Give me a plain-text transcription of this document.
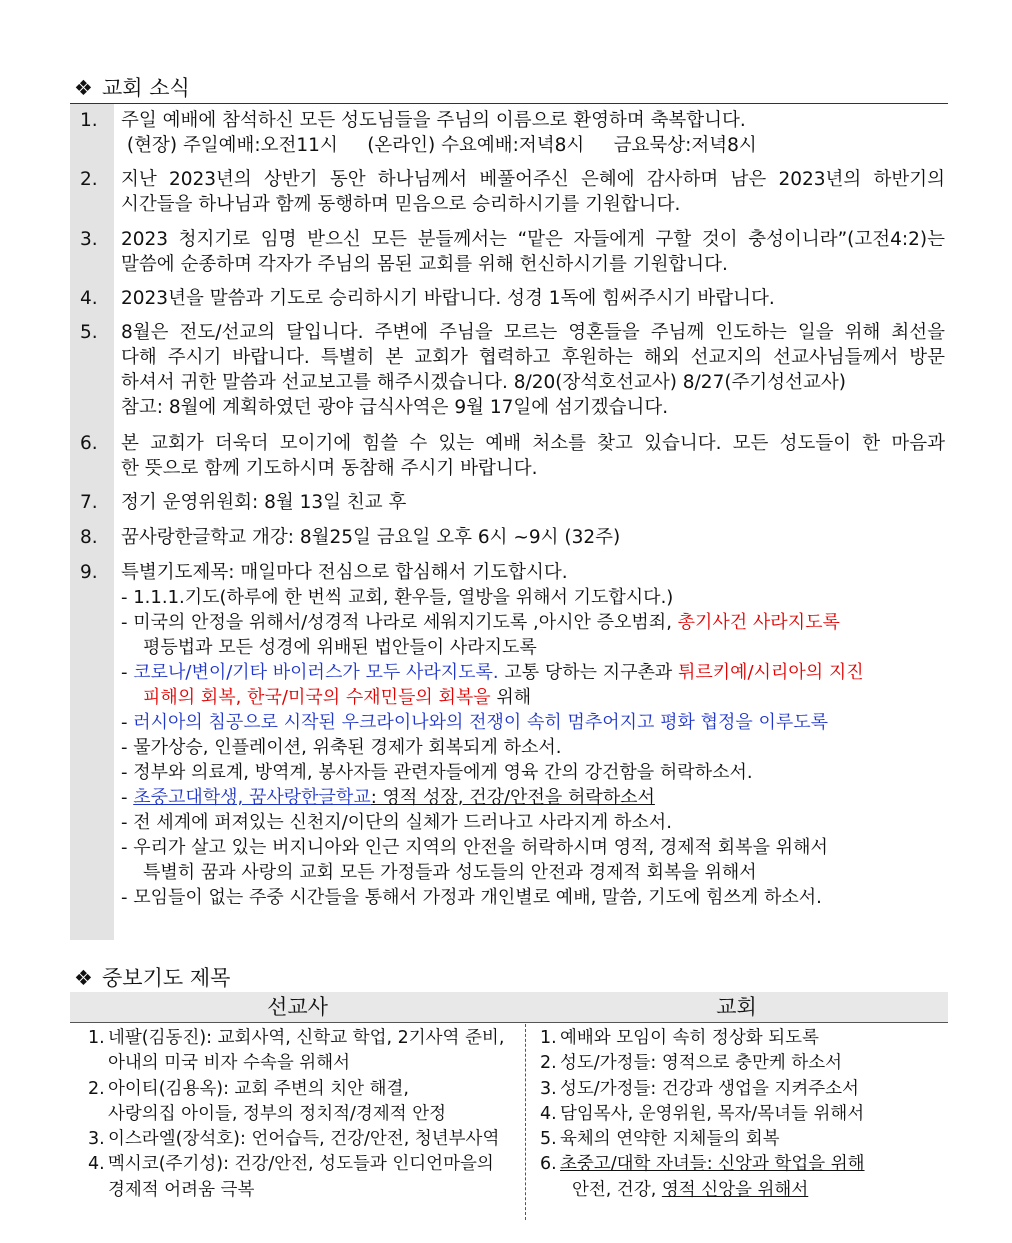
❖ 교회 소식
1.	주일 예배에 참석하신 모든 성도님들을 주님의 이름으로 환영하며 축복합니다.
(현장) 주일예배:오전11시     (온라인) 수요예배:저녁8시     금요묵상:저녁8시
2.	지난 2023년의 상반기 동안 하나님께서 베풀어주신 은혜에 감사하며 남은 2023년의 하반기의
시간들을 하나님과 함께 동행하며 믿음으로 승리하시기를 기원합니다.
3.	2023 청지기로 임명 받으신 모든 분들께서는 “맡은 자들에게 구할 것이 충성이니라”(고전4:2)는
말씀에 순종하며 각자가 주님의 몸된 교회를 위해 헌신하시기를 기원합니다.
4.	2023년을 말씀과 기도로 승리하시기 바랍니다. 성경 1독에 힘써주시기 바랍니다.
5.	8월은 전도/선교의 달입니다. 주변에 주님을 모르는 영혼들을 주님께 인도하는 일을 위해 최선을
다해 주시기 바랍니다. 특별히 본 교회가 협력하고 후원하는 해외 선교지의 선교사님들께서 방문
하셔서 귀한 말씀과 선교보고를 해주시겠습니다. 8/20(장석호선교사) 8/27(주기성선교사)
참고: 8월에 계획하였던 광야 급식사역은 9월 17일에 섬기겠습니다.
6.	본 교회가 더욱더 모이기에 힘쓸 수 있는 예배 처소를 찾고 있습니다. 모든 성도들이 한 마음과
한 뜻으로 함께 기도하시며 동참해 주시기 바랍니다.
7.	정기 운영위원회: 8월 13일 친교 후
8.	꿈사랑한글학교 개강: 8월25일 금요일 오후 6시 ~9시 (32주)
9.	특별기도제목: 매일마다 전심으로 합심해서 기도합시다.
- 1.1.1.기도(하루에 한 번씩 교회, 환우들, 열방을 위해서 기도합시다.)
- 미국의 안정을 위해서/성경적 나라로 세워지기도록 ,아시안 증오범죄, 총기사건 사라지도록
평등법과 모든 성경에 위배된 법안들이 사라지도록
- 코로나/변이/기타 바이러스가 모두 사라지도록. 고통 당하는 지구촌과 튀르키예/시리아의 지진
피해의 회복, 한국/미국의 수재민들의 회복을 위해
- 러시아의 침공으로 시작된 우크라이나와의 전쟁이 속히 멈추어지고 평화 협정을 이루도록
- 물가상승, 인플레이션, 위축된 경제가 회복되게 하소서.
- 정부와 의료계, 방역계, 봉사자들 관련자들에게 영육 간의 강건함을 허락하소서.
- 초중고대학생, 꿈사랑한글학교: 영적 성장, 건강/안전을 허락하소서
- 전 세계에 퍼져있는 신천지/이단의 실체가 드러나고 사라지게 하소서.
- 우리가 살고 있는 버지니아와 인근 지역의 안전을 허락하시며 영적, 경제적 회복을 위해서
특별히 꿈과 사랑의 교회 모든 가정들과 성도들의 안전과 경제적 회복을 위해서
- 모임들이 없는 주중 시간들을 통해서 가정과 개인별로 예배, 말씀, 기도에 힘쓰게 하소서.
❖ 중보기도 제목
선교사	교회
1. 네팔(김동진): 교회사역, 신학교 학업, 2기사역 준비,
아내의 미국 비자 수속을 위해서
2. 아이티(김용옥): 교회 주변의 치안 해결,
사랑의집 아이들, 정부의 정치적/경제적 안정
3. 이스라엘(장석호): 언어습득, 건강/안전, 청년부사역
4. 멕시코(주기성): 건강/안전, 성도들과 인디언마을의
경제적 어려움 극복
1. 예배와 모임이 속히 정상화 되도록
2. 성도/가정들: 영적으로 충만케 하소서
3. 성도/가정들: 건강과 생업을 지켜주소서
4. 담임목사, 운영위원, 목자/목녀들 위해서
5. 육체의 연약한 지체들의 회복
6. 초중고/대학 자녀들: 신앙과 학업을 위해
안전, 건강, 영적 신앙을 위해서
